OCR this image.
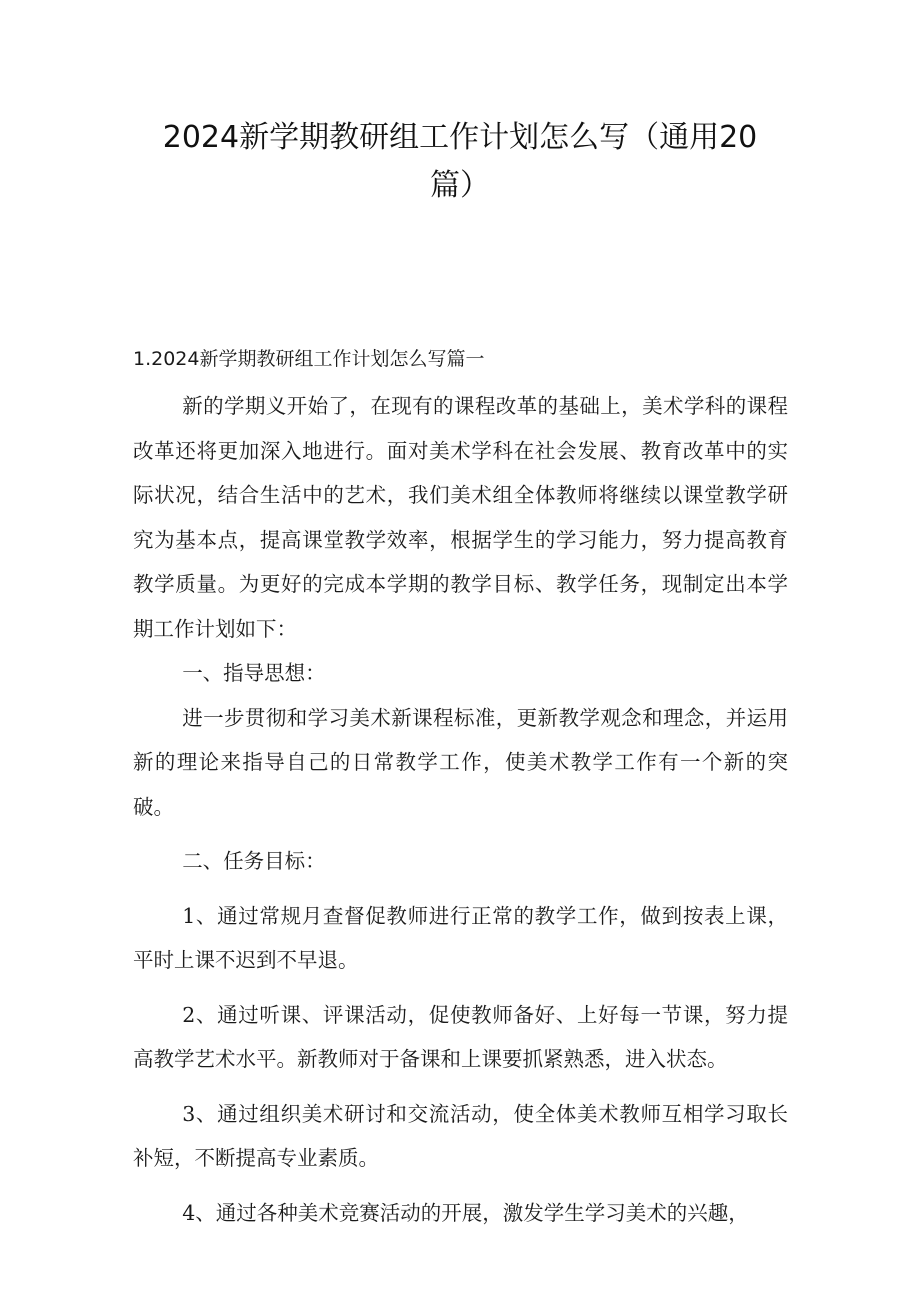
2024新学期教研组工作计划怎么写（通用20篇）
1.2024新学期教研组工作计划怎么写篇一

新的学期义开始了，在现有的课程改革的基础上，美术学科的课程改革还将更加深入地进行。面对美术学科在社会发展、教育改革中的实际状况，结合生活中的艺术，我们美术组全体教师将继续以课堂教学研究为基本点，提高课堂教学效率，根据学生的学习能力，努力提高教育教学质量。为更好的完成本学期的教学目标、教学任务，现制定出本学期工作计划如下：

一、指导思想：

进一步贯彻和学习美术新课程标准，更新教学观念和理念，并运用新的理论来指导自己的日常教学工作，使美术教学工作有一个新的突破。

二、任务目标：

1、通过常规月查督促教师进行正常的教学工作，做到按表上课，平时上课不迟到不早退。

2、通过听课、评课活动，促使教师备好、上好每一节课，努力提高教学艺术水平。新教师对于备课和上课要抓紧熟悉，进入状态。

3、通过组织美术研讨和交流活动，使全体美术教师互相学习取长补短，不断提高专业素质。

4、通过各种美术竞赛活动的开展，激发学生学习美术的兴趣，
